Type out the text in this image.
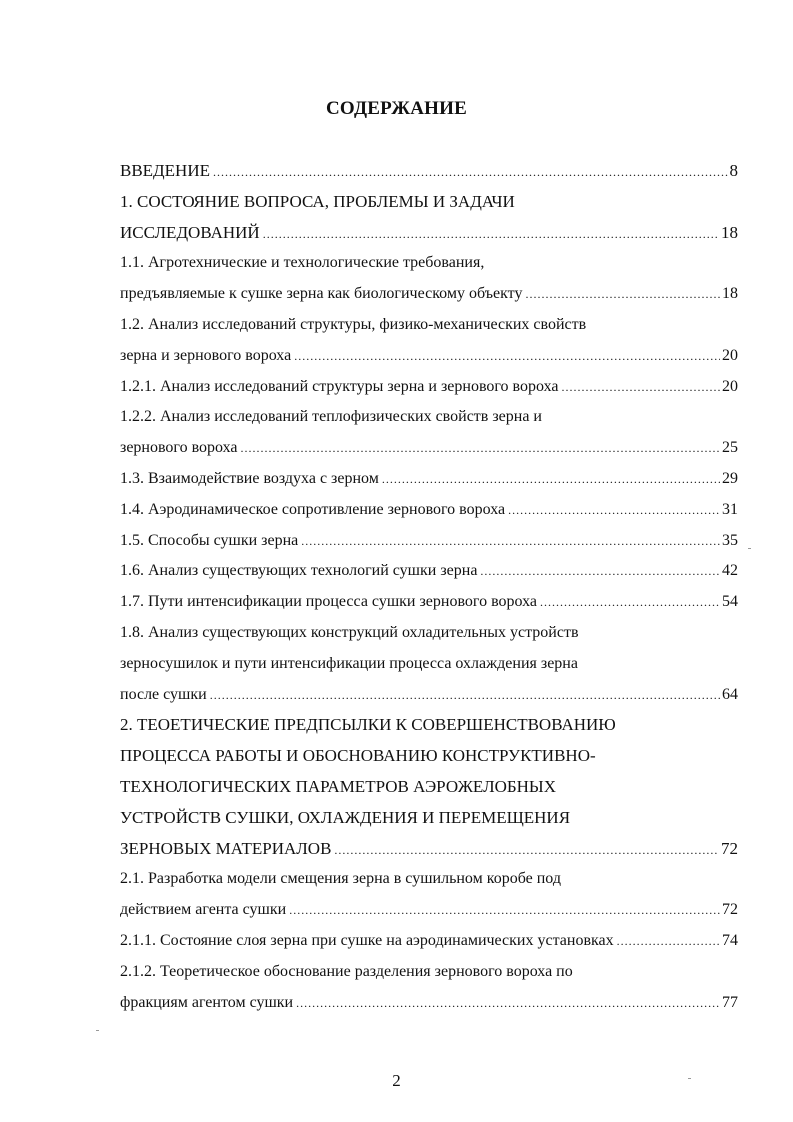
СОДЕРЖАНИЕ
ВВЕДЕНИЕ .....	8
1. СОСТОЯНИЕ ВОПРОСА, ПРОБЛЕМЫ И ЗАДАЧИ
ИССЛЕДОВАНИЙ .....	18
1.1. Агротехнические и технологические требования,
предъявляемые к сушке зерна как биологическому объекту .....	18
1.2. Анализ исследований структуры, физико-механических свойств
зерна и зернового вороха .....	20
1.2.1. Анализ исследований структуры зерна и зернового вороха .....	20
1.2.2. Анализ исследований теплофизических свойств зерна и
зернового вороха .....	25
1.3. Взаимодействие воздуха с зерном .....	29
1.4. Аэродинамическое сопротивление зернового вороха .....	31
1.5. Способы сушки зерна .....	35
1.6. Анализ существующих технологий сушки зерна .....	42
1.7. Пути интенсификации процесса сушки зернового вороха .....	54
1.8. Анализ существующих конструкций охладительных устройств
зерносушилок и пути интенсификации процесса охлаждения зерна
после сушки .....	64
2. ТЕОЕТИЧЕСКИЕ ПРЕДПСЫЛКИ К СОВЕРШЕНСТВОВАНИЮ
ПРОЦЕССА РАБОТЫ И ОБОСНОВАНИЮ КОНСТРУКТИВНО-
ТЕХНОЛОГИЧЕСКИХ ПАРАМЕТРОВ АЭРОЖЕЛОБНЫХ
УСТРОЙСТВ СУШКИ, ОХЛАЖДЕНИЯ И ПЕРЕМЕЩЕНИЯ
ЗЕРНОВЫХ МАТЕРИАЛОВ .....	72
2.1. Разработка модели смещения зерна в сушильном коробе под
действием агента сушки .....	72
2.1.1. Состояние слоя зерна при сушке на аэродинамических установках .....	74
2.1.2. Теоретическое обоснование разделения зернового вороха по
фракциям агентом сушки .....	77
2
